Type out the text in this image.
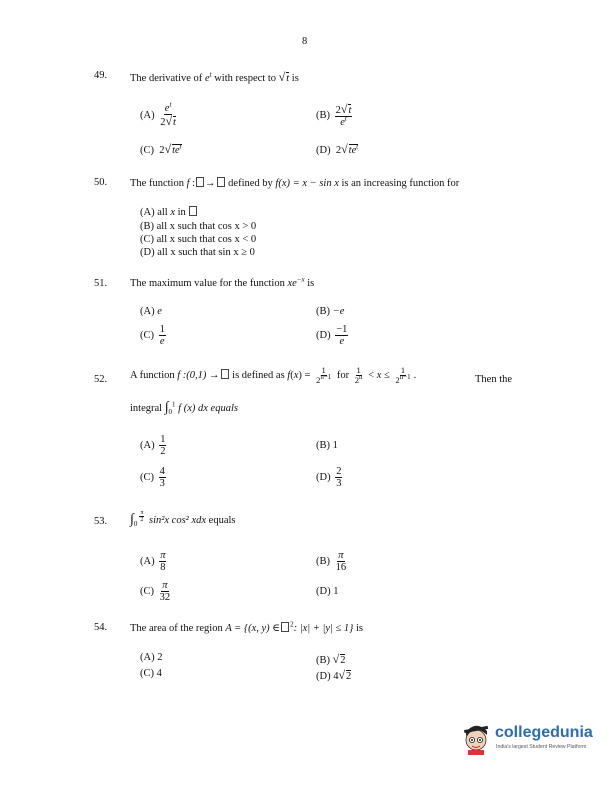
8
49. The derivative of $e^t$ with respect to √t is
$(A) \frac{e^t}{2√t}$	$(B) \frac{2√t}{e^t}$
(C) $2√te^t$	(D) $2√te^t$
50. The function f : → defined by f(x) = x − sin x is an increasing function for
(A) all x in
(B) all x such that cos x > 0
(C) all x such that cos x < 0
(D) all x such that sin x ≥ 0
51. The maximum value for the function $xe^{-x}$ is
(A) e	(B) −e
$(C) \frac{1}{e}$	$(D) \frac{-1}{e}$
52. A function f :(0,1) → is defined as $f(x) = \frac{1}{2^{n-1}}$ for $\frac{1}{2^n} < x \le \frac{1}{2^{n-1}}$ .	Then the
integral $\int_0^1$ f (x) dx equals
$(A) \frac{1}{2}$	(B) 1
$(C) \frac{4}{3}$	$(D) \frac{2}{3}$
53. $\int_0$
$^{\frac{\pi}{2}}$ sin²x cos² xdx equals
$(A) \frac{\pi}{8}$	$(B) \frac{\pi}{16}$
$(C) \frac{\pi}{32}$	(D) 1
54. The area of the region A = {(x, y) ∈ $^2$: |x| + |y| ≤ 1} is
(A) 2	(B) √2
(C) 4	(D) 4√2
collegedunia
India's largest Student Review Platform
